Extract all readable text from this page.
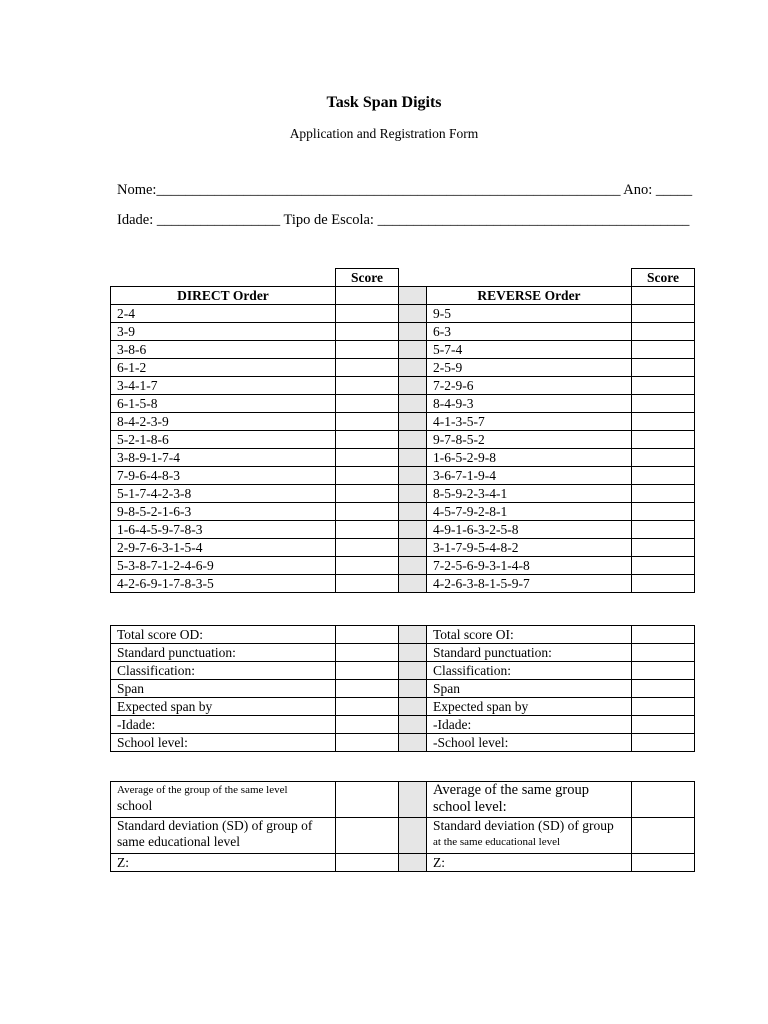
Task Span Digits
Application and Registration Form
Nome:________________________________________________________________ Ano: _____
Idade: _________________ Tipo de Escola: ___________________________________________
	Score			Score
DIRECT Order			REVERSE Order	
2-4			9-5	
3-9			6-3	
3-8-6			5-7-4	
6-1-2			2-5-9	
3-4-1-7			7-2-9-6	
6-1-5-8			8-4-9-3	
8-4-2-3-9			4-1-3-5-7	
5-2-1-8-6			9-7-8-5-2	
3-8-9-1-7-4			1-6-5-2-9-8	
7-9-6-4-8-3			3-6-7-1-9-4	
5-1-7-4-2-3-8			8-5-9-2-3-4-1	
9-8-5-2-1-6-3			4-5-7-9-2-8-1	
1-6-4-5-9-7-8-3			4-9-1-6-3-2-5-8	
2-9-7-6-3-1-5-4			3-1-7-9-5-4-8-2	
5-3-8-7-1-2-4-6-9			7-2-5-6-9-3-1-4-8	
4-2-6-9-1-7-8-3-5			4-2-6-3-8-1-5-9-7	
Total score OD:			Total score OI:	
Standard punctuation:			Standard punctuation:	
Classification:			Classification:	
Span			Span	
Expected span by			Expected span by	
-Idade:			-Idade:	
School level:			-School level:	
Average of the group of the same level
school			Average of the same group school level:	
Standard deviation (SD) of group of same educational level			Standard deviation (SD) of group
at the same educational level	

Z:			Z:	
